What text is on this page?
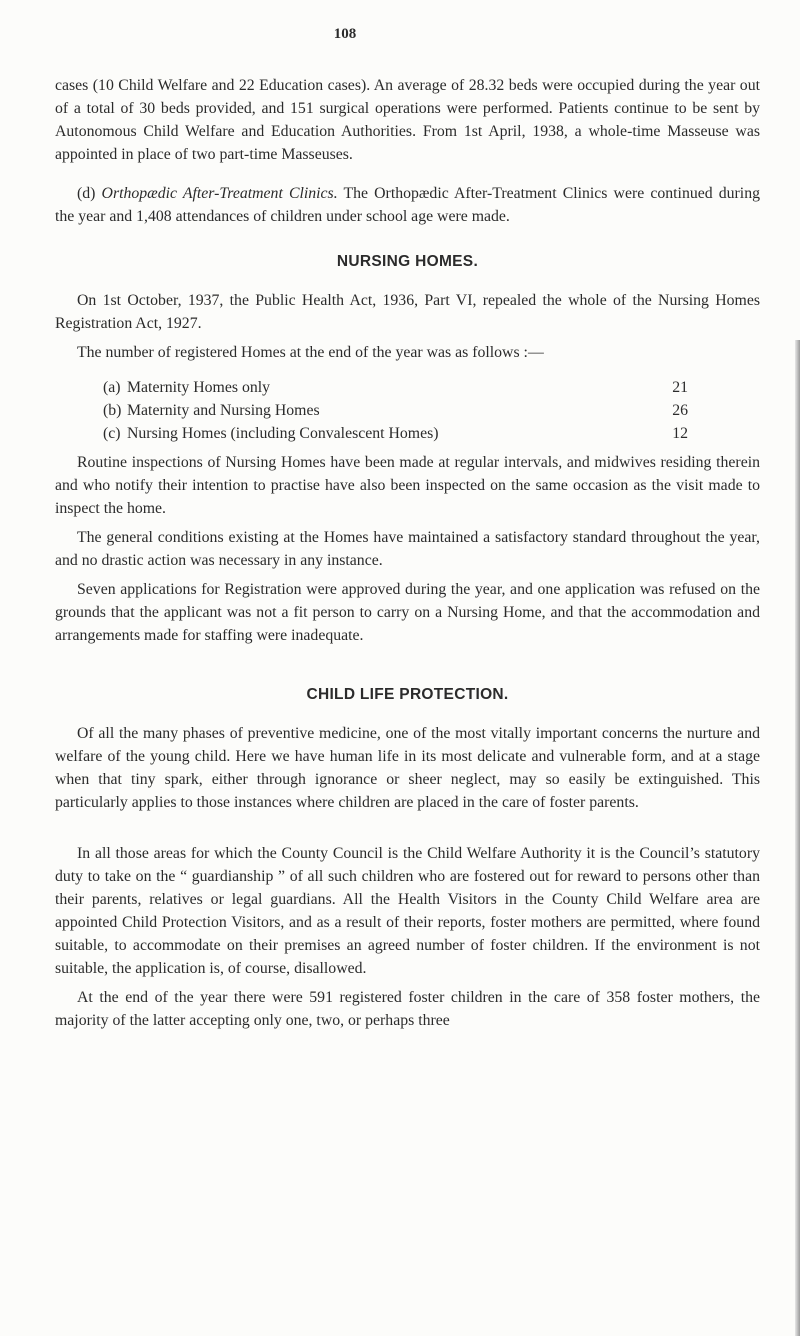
108

cases (10 Child Welfare and 22 Education cases). An average of 28.32 beds were occupied during the year out of a total of 30 beds provided, and 151 surgical operations were performed. Patients continue to be sent by Autonomous Child Welfare and Education Authorities. From 1st April, 1938, a whole-time Masseuse was appointed in place of two part-time Masseuses.

(d) Orthopædic After-Treatment Clinics. The Orthopædic After-Treatment Clinics were continued during the year and 1,408 attendances of children under school age were made.

NURSING HOMES.

On 1st October, 1937, the Public Health Act, 1936, Part VI, repealed the whole of the Nursing Homes Registration Act, 1927.

The number of registered Homes at the end of the year was as follows :—

(a) Maternity Homes only	21
(b) Maternity and Nursing Homes	26
(c) Nursing Homes (including Convalescent Homes)	12

Routine inspections of Nursing Homes have been made at regular intervals, and midwives residing therein and who notify their intention to practise have also been inspected on the same occasion as the visit made to inspect the home.

The general conditions existing at the Homes have maintained a satisfactory standard throughout the year, and no drastic action was necessary in any instance.

Seven applications for Registration were approved during the year, and one application was refused on the grounds that the applicant was not a fit person to carry on a Nursing Home, and that the accommodation and arrangements made for staffing were inadequate.

CHILD LIFE PROTECTION.

Of all the many phases of preventive medicine, one of the most vitally important concerns the nurture and welfare of the young child. Here we have human life in its most delicate and vulnerable form, and at a stage when that tiny spark, either through ignorance or sheer neglect, may so easily be extinguished. This particularly applies to those instances where children are placed in the care of foster parents.

In all those areas for which the County Council is the Child Welfare Authority it is the Council’s statutory duty to take on the “ guardianship ” of all such children who are fostered out for reward to persons other than their parents, relatives or legal guardians. All the Health Visitors in the County Child Welfare area are appointed Child Protection Visitors, and as a result of their reports, foster mothers are permitted, where found suitable, to accommodate on their premises an agreed number of foster children. If the environment is not suitable, the application is, of course, disallowed.

At the end of the year there were 591 registered foster children in the care of 358 foster mothers, the majority of the latter accepting only one, two, or perhaps three
